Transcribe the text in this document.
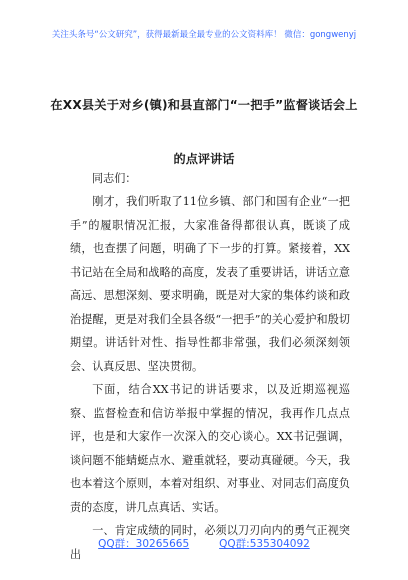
关注头条号“公文研究”，获得最新最全最专业的公文资料库！ 微信：gongwenyj
在XX县关于对乡(镇)和县直部门“一把手”监督谈话会上
的点评讲话
同志们：

刚才，我们听取了11位乡镇、部门和国有企业“一把手”的履职情况汇报，大家准备得都很认真，既谈了成绩，也查摆了问题，明确了下一步的打算。紧接着，XX书记站在全局和战略的高度，发表了重要讲话，讲话立意高远、思想深刻、要求明确，既是对大家的集体约谈和政治提醒，更是对我们全县各级“一把手”的关心爱护和殷切期望。讲话针对性、指导性都非常强，我们必须深刻领会、认真反思、坚决贯彻。

下面，结合XX书记的讲话要求，以及近期巡视巡察、监督检查和信访举报中掌握的情况，我再作几点点评，也是和大家作一次深入的交心谈心。XX书记强调，谈问题不能蜻蜓点水、避重就轻，要动真碰硬。今天，我也本着这个原则，本着对组织、对事业、对同志们高度负责的态度，讲几点真话、实话。

一、肯定成绩的同时，必须以刀刃向内的勇气正视突出

QQ群：30265665	QQ群:535304092
